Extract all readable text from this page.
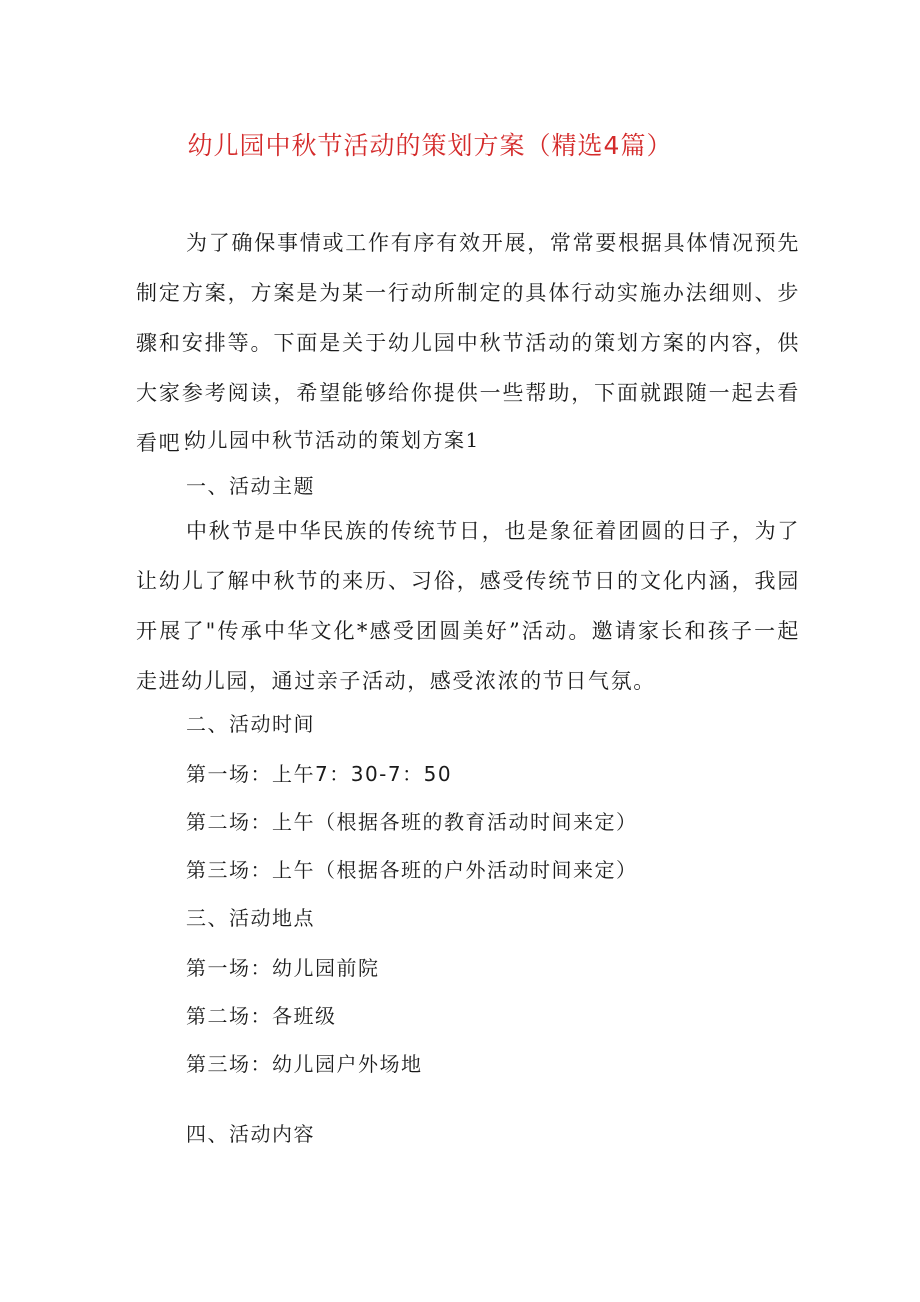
幼儿园中秋节活动的策划方案（精选4篇）
为了确保事情或工作有序有效开展，常常要根据具体情况预先制定方案，方案是为某一行动所制定的具体行动实施办法细则、步骤和安排等。下面是关于幼儿园中秋节活动的策划方案的内容，供大家参考阅读，希望能够给你提供一些帮助，下面就跟随一起去看看吧！
幼儿园中秋节活动的策划方案1
一、活动主题
中秋节是中华民族的传统节日，也是象征着团圆的日子，为了让幼儿了解中秋节的来历、习俗，感受传统节日的文化内涵，我园开展了"传承中华文化*感受团圆美好”活动。邀请家长和孩子一起走进幼儿园，通过亲子活动，感受浓浓的节日气氛。
二、活动时间
第一场：上午7：30-7：50
第二场：上午（根据各班的教育活动时间来定）
第三场：上午（根据各班的户外活动时间来定）
三、活动地点
第一场：幼儿园前院
第二场：各班级
第三场：幼儿园户外场地
四、活动内容
